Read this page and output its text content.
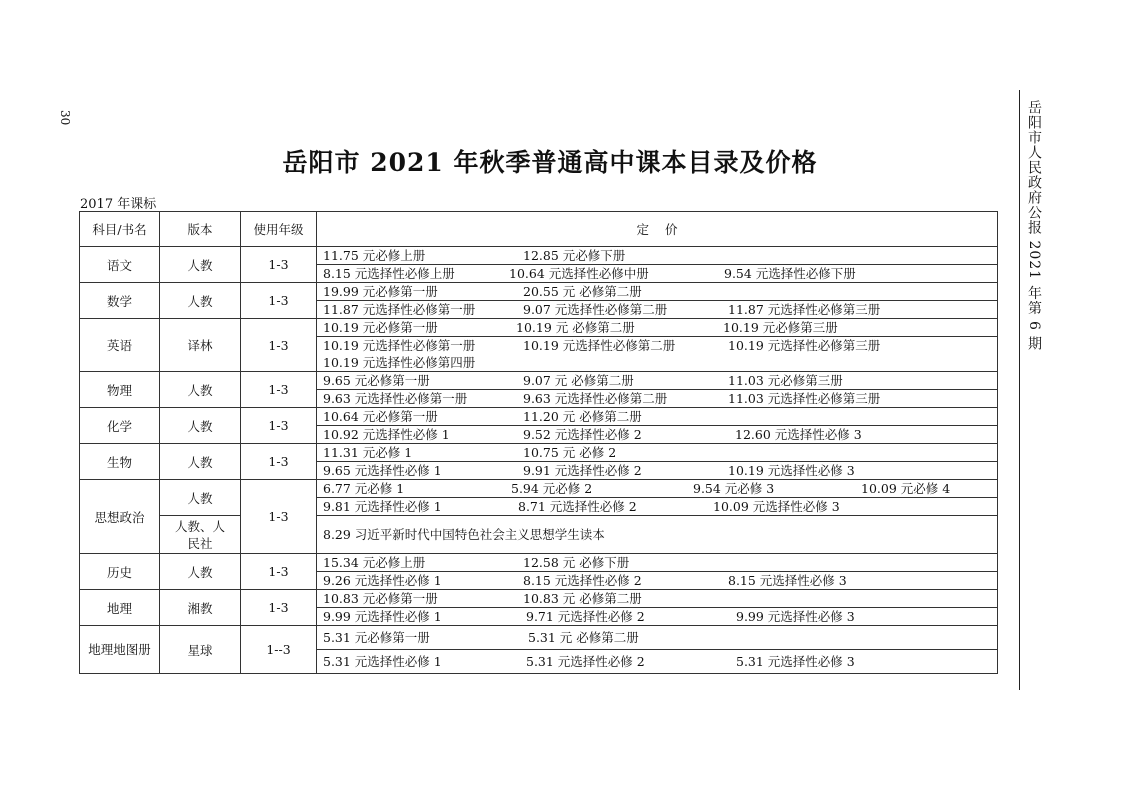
30	岳阳市人民政府公报 2021 年第 6 期
岳阳市 2021 年秋季普通高中课本目录及价格
2017 年课标
科目/书名	版本	使用年级	定    价
语文	人教	1-3	11.75 元必修上册 12.85 元必修下册
			8.15 元选择性必修上册 10.64 元选择性必修中册 9.54 元选择性必修下册
数学	人教	1-3	19.99 元必修第一册 20.55 元 必修第二册
			11.87 元选择性必修第一册 9.07 元选择性必修第二册 11.87 元选择性必修第三册
英语	译林	1-3	10.19 元必修第一册 10.19 元 必修第二册 10.19 元必修第三册
			10.19 元选择性必修第一册 10.19 元选择性必修第二册 10.19 元选择性必修第三册
			10.19 元选择性必修第四册
物理	人教	1-3	9.65 元必修第一册 9.07 元 必修第二册 11.03 元必修第三册
			9.63 元选择性必修第一册 9.63 元选择性必修第二册 11.03 元选择性必修第三册
化学	人教	1-3	10.64 元必修第一册 11.20 元 必修第二册
			10.92 元选择性必修 1 9.52 元选择性必修 2 12.60 元选择性必修 3
生物	人教	1-3	11.31 元必修 1 10.75 元 必修 2
			9.65 元选择性必修 1 9.91 元选择性必修 2 10.19 元选择性必修 3
思想政治	人教	1-3	6.77 元必修 1 5.94 元必修 2 9.54 元必修 3 10.09 元必修 4
			9.81 元选择性必修 1 8.71 元选择性必修 2 10.09 元选择性必修 3
	人教、人民社		8.29 习近平新时代中国特色社会主义思想学生读本
历史	人教	1-3	15.34 元必修上册 12.58 元 必修下册
			9.26 元选择性必修 1 8.15 元选择性必修 2 8.15 元选择性必修 3
地理	湘教	1-3	10.83 元必修第一册 10.83 元 必修第二册
			9.99 元选择性必修 1 9.71 元选择性必修 2 9.99 元选择性必修 3
地理地图册	星球	1--3	5.31 元必修第一册 5.31 元 必修第二册
			5.31 元选择性必修 1 5.31 元选择性必修 2 5.31 元选择性必修 3
